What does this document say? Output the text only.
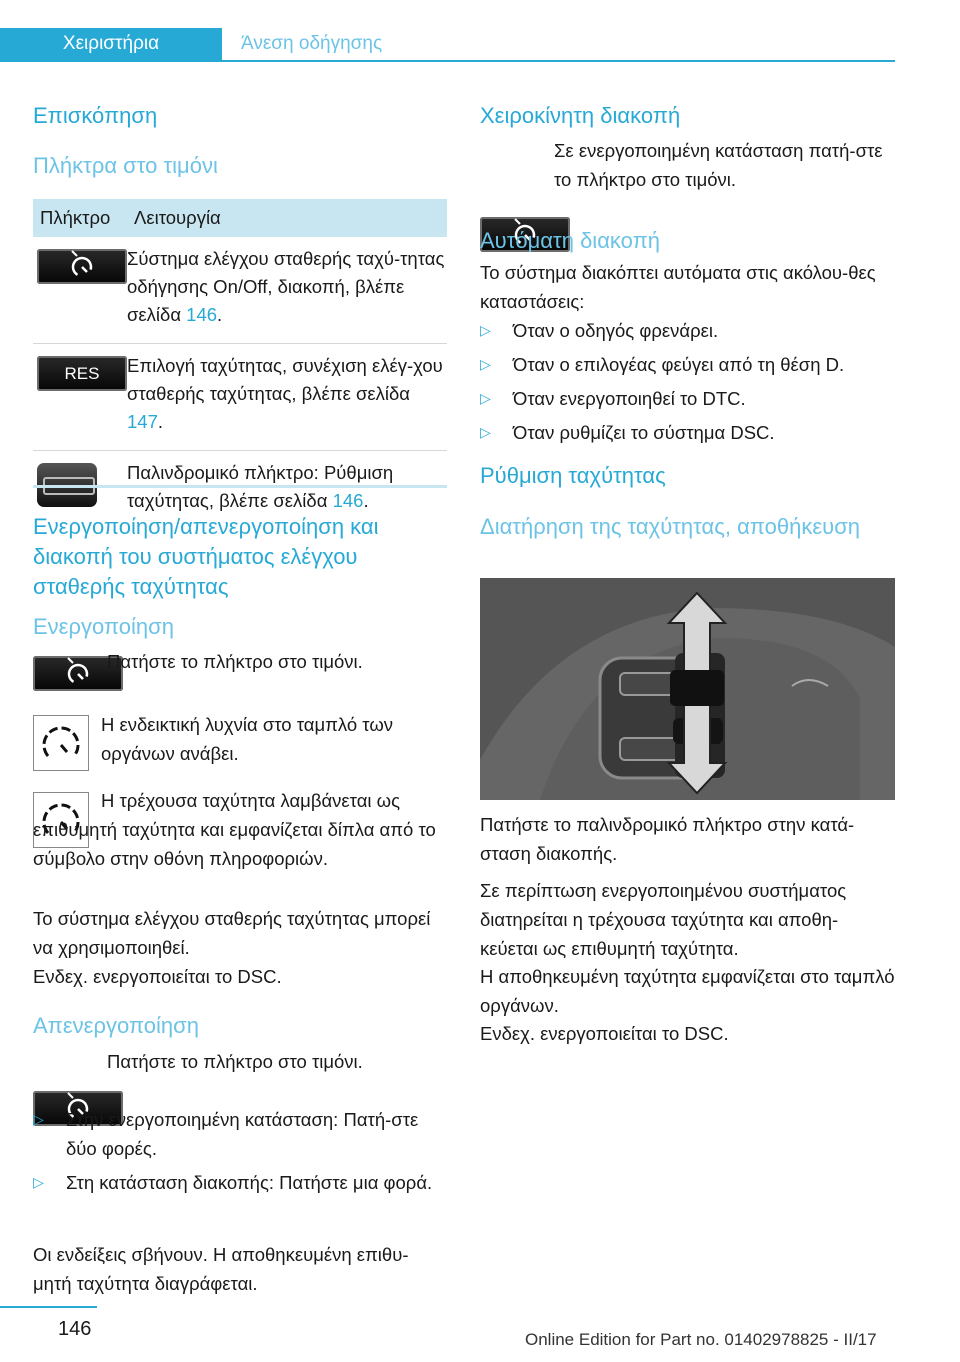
Χειριστήρια	Άνεση οδήγησης
Επισκόπηση
Πλήκτρα στο τιμόνι
Πλήκτρο	Λειτουργία

	Σύστημα ελέγχου σταθερής ταχύ-τητας οδήγησης On/Off, διακοπή, βλέπε σελίδα 146.

RES	Επιλογή ταχύτητας, συνέχιση ελέγ-χου σταθερής ταχύτητας, βλέπε σελίδα 147.

	Παλινδρομικό πλήκτρο: Ρύθμιση ταχύτητας, βλέπε σελίδα 146.
Ενεργοποίηση/απενεργοποίηση και διακοπή του συστήματος ελέγχου σταθερής ταχύτητας
Ενεργοποίηση

Πατήστε το πλήκτρο στο τιμόνι.

Η ενδεικτική λυχνία στο ταμπλό των οργάνων ανάβει.

Η τρέχουσα ταχύτητα λαμβάνεται ως επιθυμητή ταχύτητα και εμφανίζεται δίπλα από το σύμβολο στην οθόνη πληροφοριών.

Το σύστημα ελέγχου σταθερής ταχύτητας μπορεί να χρησιμοποιηθεί.

Ενδεχ. ενεργοποιείται το DSC.

Απενεργοποίηση

Πατήστε το πλήκτρο στο τιμόνι.

▷ Στην ενεργοποιημένη κατάσταση: Πατή-στε δύο φορές.
▷ Στη κατάσταση διακοπής: Πατήστε μια φορά.

Οι ενδείξεις σβήνουν. Η αποθηκευμένη επιθυ-μητή ταχύτητα διαγράφεται.

Χειροκίνητη διακοπή

Σε ενεργοποιημένη κατάσταση πατή-στε το πλήκτρο στο τιμόνι.

Αυτόματη διακοπή

Το σύστημα διακόπτει αυτόματα στις ακόλου-θες καταστάσεις:

▷ Όταν ο οδηγός φρενάρει.
▷ Όταν ο επιλογέας φεύγει από τη θέση D.
▷ Όταν ενεργοποιηθεί το DTC.
▷ Όταν ρυθμίζει το σύστημα DSC.
Ρύθμιση ταχύτητας
Διατήρηση της ταχύτητας, αποθήκευση

Πατήστε το παλινδρομικό πλήκτρο στην κατά-σταση διακοπής.

Σε περίπτωση ενεργοποιημένου συστήματος διατηρείται η τρέχουσα ταχύτητα και αποθη-κεύεται ως επιθυμητή ταχύτητα.

Η αποθηκευμένη ταχύτητα εμφανίζεται στο ταμπλό οργάνων.

Ενδεχ. ενεργοποιείται το DSC.

146	Online Edition for Part no. 01402978825 - II/17
